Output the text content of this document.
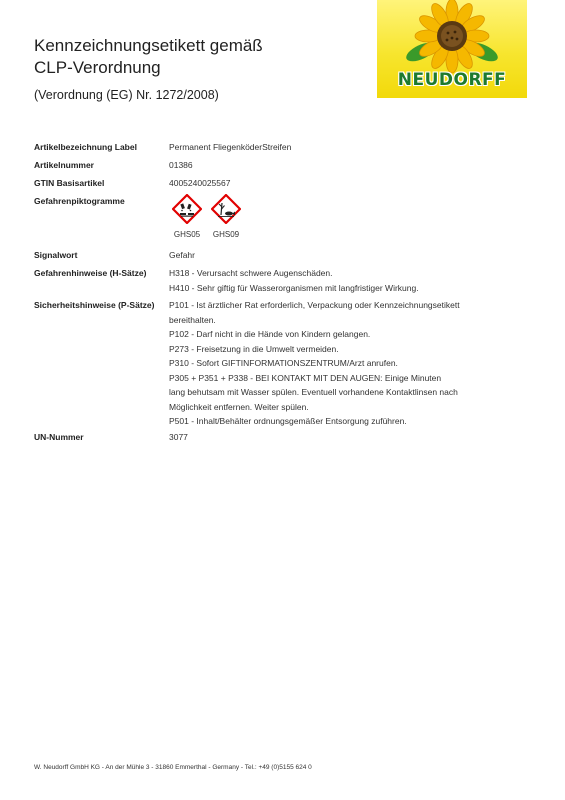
NEUDORFF
Kennzeichnungsetikett gemäß
CLP-Verordnung
(Verordnung (EG) Nr. 1272/2008)
Artikelbezeichnung Label	Permanent FliegenköderStreifen
Artikelnummer	01386
GTIN Basisartikel	4005240025567
Gefahrenpiktogramme
GHS05	GHS09
Signalwort	Gefahr
Gefahrenhinweise (H-Sätze)	H318 - Verursacht schwere Augenschäden.
H410 - Sehr giftig für Wasserorganismen mit langfristiger Wirkung.
Sicherheitshinweise (P-Sätze)	P101 - Ist ärztlicher Rat erforderlich, Verpackung oder Kennzeichnungsetikett
bereithalten.
P102 - Darf nicht in die Hände von Kindern gelangen.
P273 - Freisetzung in die Umwelt vermeiden.
P310 - Sofort GIFTINFORMATIONSZENTRUM/Arzt anrufen.
P305 + P351 + P338 - BEI KONTAKT MIT DEN AUGEN: Einige Minuten
lang behutsam mit Wasser spülen. Eventuell vorhandene Kontaktlinsen nach
Möglichkeit entfernen. Weiter spülen.
P501 - Inhalt/Behälter ordnungsgemäßer Entsorgung zuführen.
UN-Nummer	3077
W. Neudorff GmbH KG - An der Mühle 3 - 31860 Emmerthal - Germany - Tel.: +49 (0)5155 624 0
